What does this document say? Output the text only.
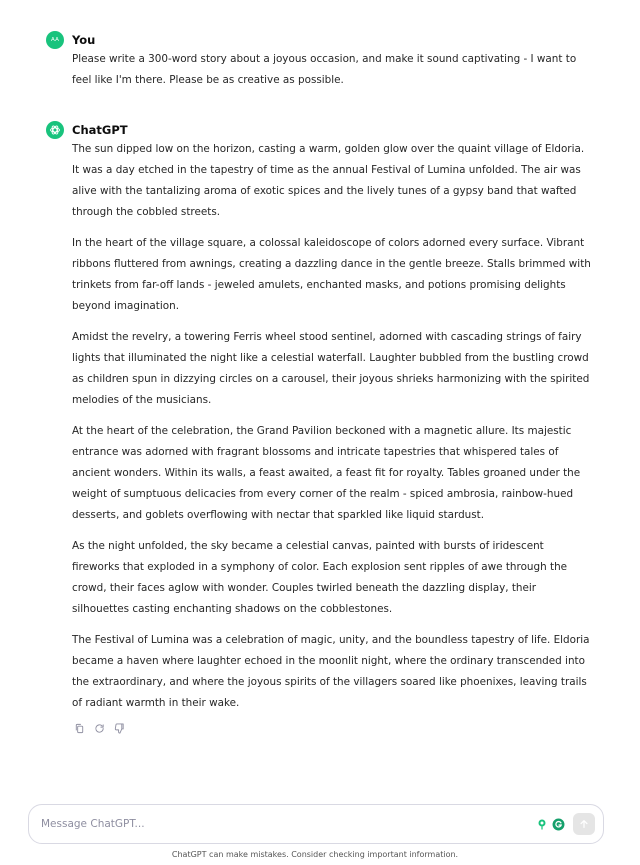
AA You

Please write a 300-word story about a joyous occasion, and make it sound captivating - I want to feel like I'm there. Please be as creative as possible.

ChatGPT

The sun dipped low on the horizon, casting a warm, golden glow over the quaint village of Eldoria. It was a day etched in the tapestry of time as the annual Festival of Lumina unfolded. The air was alive with the tantalizing aroma of exotic spices and the lively tunes of a gypsy band that wafted through the cobbled streets.

In the heart of the village square, a colossal kaleidoscope of colors adorned every surface. Vibrant ribbons fluttered from awnings, creating a dazzling dance in the gentle breeze. Stalls brimmed with trinkets from far-off lands - jeweled amulets, enchanted masks, and potions promising delights beyond imagination.

Amidst the revelry, a towering Ferris wheel stood sentinel, adorned with cascading strings of fairy lights that illuminated the night like a celestial waterfall. Laughter bubbled from the bustling crowd as children spun in dizzying circles on a carousel, their joyous shrieks harmonizing with the spirited melodies of the musicians.

At the heart of the celebration, the Grand Pavilion beckoned with a magnetic allure. Its majestic entrance was adorned with fragrant blossoms and intricate tapestries that whispered tales of ancient wonders. Within its walls, a feast awaited, a feast fit for royalty. Tables groaned under the weight of sumptuous delicacies from every corner of the realm - spiced ambrosia, rainbow-hued desserts, and goblets overflowing with nectar that sparkled like liquid stardust.

As the night unfolded, the sky became a celestial canvas, painted with bursts of iridescent fireworks that exploded in a symphony of color. Each explosion sent ripples of awe through the crowd, their faces aglow with wonder. Couples twirled beneath the dazzling display, their silhouettes casting enchanting shadows on the cobblestones.

The Festival of Lumina was a celebration of magic, unity, and the boundless tapestry of life. Eldoria became a haven where laughter echoed in the moonlit night, where the ordinary transcended into the extraordinary, and where the joyous spirits of the villagers soared like phoenixes, leaving trails of radiant warmth in their wake.

Message ChatGPT...
ChatGPT can make mistakes. Consider checking important information.
